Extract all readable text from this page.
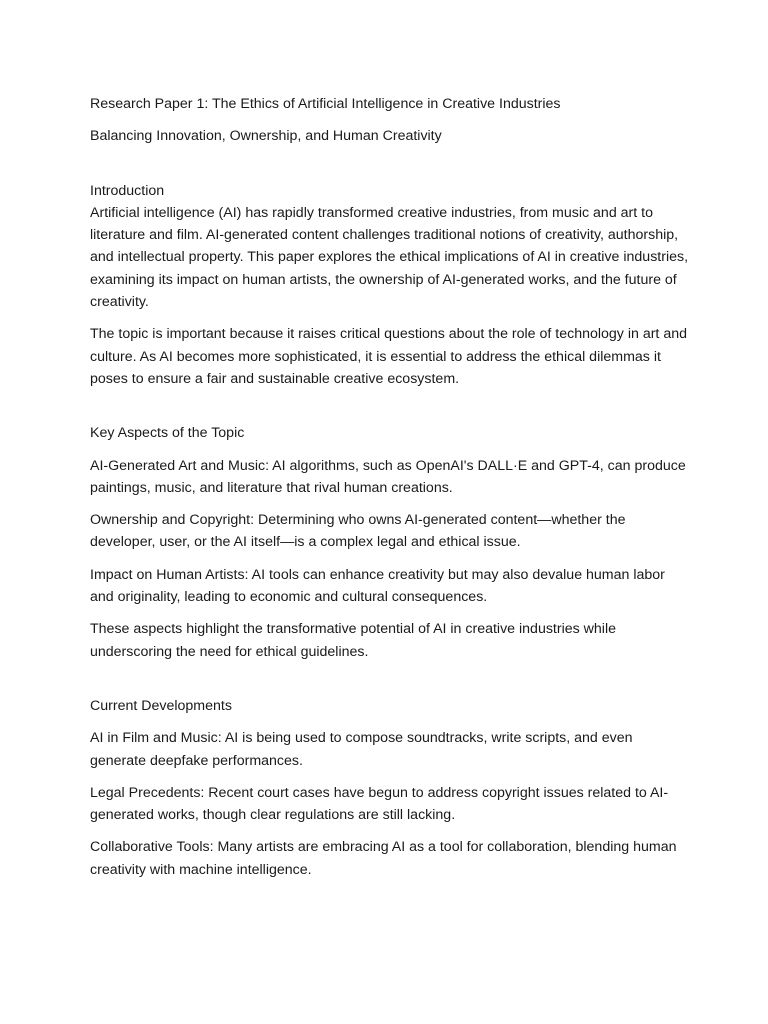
Research Paper 1: The Ethics of Artificial Intelligence in Creative Industries

Balancing Innovation, Ownership, and Human Creativity

Introduction

Artificial intelligence (AI) has rapidly transformed creative industries, from music and art to literature and film. AI-generated content challenges traditional notions of creativity, authorship, and intellectual property. This paper explores the ethical implications of AI in creative industries, examining its impact on human artists, the ownership of AI-generated works, and the future of creativity.

The topic is important because it raises critical questions about the role of technology in art and culture. As AI becomes more sophisticated, it is essential to address the ethical dilemmas it poses to ensure a fair and sustainable creative ecosystem.

Key Aspects of the Topic

AI-Generated Art and Music: AI algorithms, such as OpenAI's DALL·E and GPT-4, can produce paintings, music, and literature that rival human creations.

Ownership and Copyright: Determining who owns AI-generated content—whether the developer, user, or the AI itself—is a complex legal and ethical issue.

Impact on Human Artists: AI tools can enhance creativity but may also devalue human labor and originality, leading to economic and cultural consequences.

These aspects highlight the transformative potential of AI in creative industries while underscoring the need for ethical guidelines.

Current Developments

AI in Film and Music: AI is being used to compose soundtracks, write scripts, and even generate deepfake performances.

Legal Precedents: Recent court cases have begun to address copyright issues related to AI-generated works, though clear regulations are still lacking.

Collaborative Tools: Many artists are embracing AI as a tool for collaboration, blending human creativity with machine intelligence.
